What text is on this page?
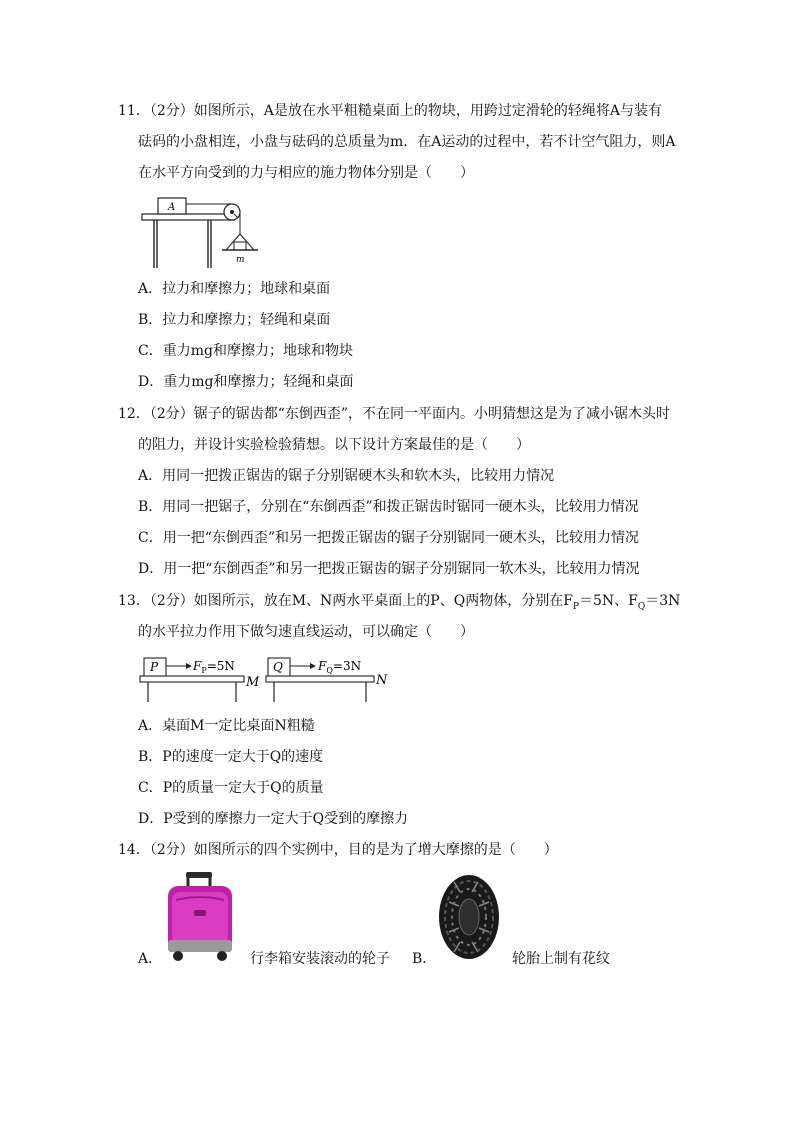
11．（2分）如图所示，A是放在水平粗糙桌面上的物块，用跨过定滑轮的轻绳将A与装有
砝码的小盘相连，小盘与砝码的总质量为m．在A运动的过程中，若不计空气阻力，则A
在水平方向受到的力与相应的施力物体分别是（　　）
A
m
A．拉力和摩擦力；地球和桌面
B．拉力和摩擦力；轻绳和桌面
C．重力mg和摩擦力；地球和物块
D．重力mg和摩擦力；轻绳和桌面
12．（2分）锯子的锯齿都“东倒西歪”，不在同一平面内。小明猜想这是为了减小锯木头时
的阻力，并设计实验检验猜想。以下设计方案最佳的是（　　）
A．用同一把拨正锯齿的锯子分别锯硬木头和软木头，比较用力情况
B．用同一把锯子，分别在“东倒西歪”和拨正锯齿时锯同一硬木头，比较用力情况
C．用一把“东倒西歪”和另一把拨正锯齿的锯子分别锯同一硬木头，比较用力情况
D．用一把“东倒西歪”和另一把拨正锯齿的锯子分别锯同一软木头，比较用力情况
13．（2分）如图所示，放在M、N两水平桌面上的P、Q两物体，分别在$F_P=5N$、$F_Q=3N$
的水平拉力作用下做匀速直线运动，可以确定（　　）
P	$F_P=5N$
M
Q	$F_Q=3N$
N
A．桌面M一定比桌面N粗糙
B．P的速度一定大于Q的速度
C．P的质量一定大于Q的质量
D．P受到的摩擦力一定大于Q受到的摩擦力
14．（2分）如图所示的四个实例中，目的是为了增大摩擦的是（　　）
A．	行李箱安装滚动的轮子 B．	轮胎上制有花纹
